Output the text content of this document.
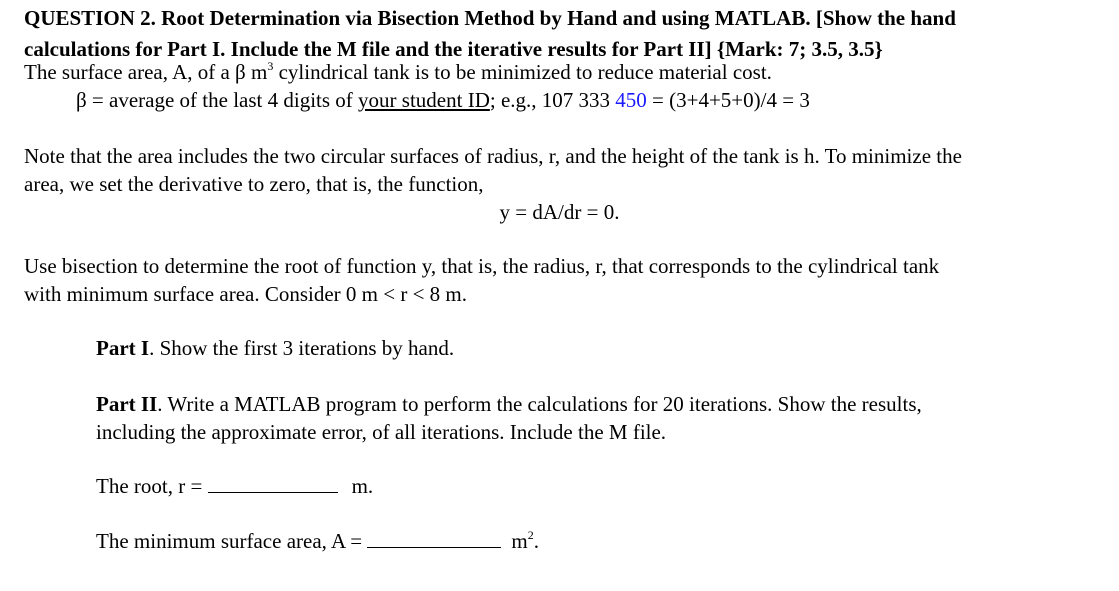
QUESTION 2. Root Determination via Bisection Method by Hand and using MATLAB. [Show the hand
calculations for Part I. Include the M file and the iterative results for Part II] {Mark: 7; 3.5, 3.5}
The surface area, A, of a β $m^3$ cylindrical tank is to be minimized to reduce material cost.
β = average of the last 4 digits of your student ID; e.g., 107 333 450 = (3+4+5+0)/4 = 3
Note that the area includes the two circular surfaces of radius, r, and the height of the tank is h. To minimize the
area, we set the derivative to zero, that is, the function,
y = dA/dr = 0.
Use bisection to determine the root of function y, that is, the radius, r, that corresponds to the cylindrical tank
with minimum surface area. Consider 0 m < r < 8 m.
Part I. Show the first 3 iterations by hand.
Part II. Write a MATLAB program to perform the calculations for 20 iterations. Show the results,
including the approximate error, of all iterations. Include the M file.
The root, r =	m.
The minimum surface area, A =	$m^2$.
